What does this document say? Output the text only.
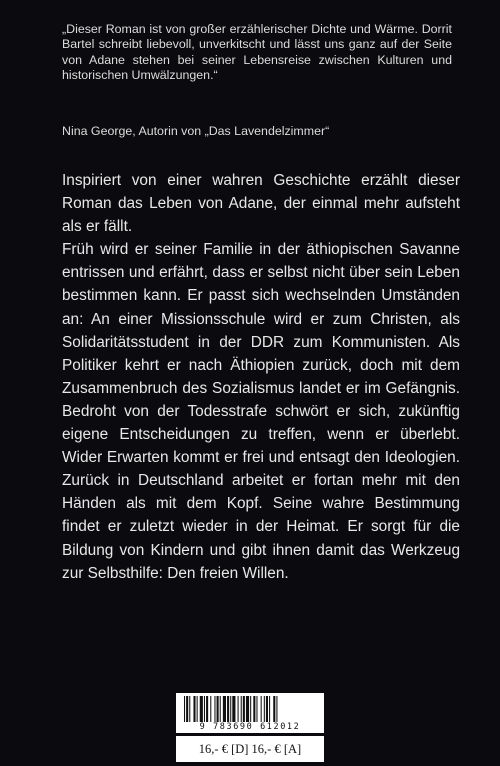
„Dieser Roman ist von großer erzählerischer Dichte und Wärme. Dorrit Bartel schreibt liebevoll, unverkitscht und lässt uns ganz auf der Seite von Adane stehen bei seiner Lebensreise zwischen Kulturen und historischen Umwälzungen.“

Nina George, Autorin von „Das Lavendelzimmer“

Inspiriert von einer wahren Geschichte erzählt dieser Roman das Leben von Adane, der einmal mehr aufsteht als er fällt.

Früh wird er seiner Familie in der äthiopischen Savanne entrissen und erfährt, dass er selbst nicht über sein Leben bestimmen kann. Er passt sich wechselnden Umständen an: An einer Missionsschule wird er zum Christen, als Solidaritätsstudent in der DDR zum Kommunisten. Als Politiker kehrt er nach Äthiopien zurück, doch mit dem Zusammenbruch des Sozialismus landet er im Gefängnis. Bedroht von der Todesstrafe schwört er sich, zukünftig eigene Entscheidungen zu treffen, wenn er überlebt. Wider Erwarten kommt er frei und entsagt den Ideologien. Zurück in Deutschland arbeitet er fortan mehr mit den Händen als mit dem Kopf. Seine wahre Bestimmung findet er zuletzt wieder in der Heimat. Er sorgt für die Bildung von Kindern und gibt ihnen damit das Werkzeug zur Selbsthilfe: Den freien Willen.

9 783690 612012
16,- € [D] 16,- € [A]
